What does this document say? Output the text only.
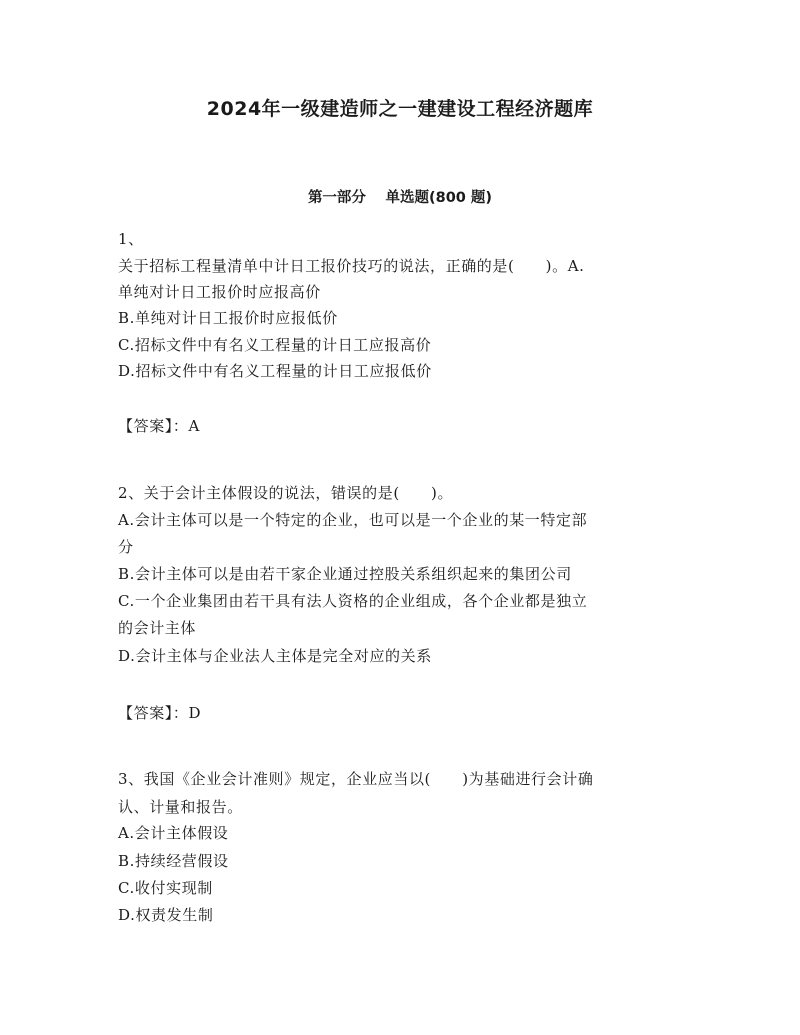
2024年一级建造师之一建建设工程经济题库
第一部分　 单选题(800 题)
1、
关于招标工程量清单中计日工报价技巧的说法，正确的是(　　)。A.
单纯对计日工报价时应报高价
B.单纯对计日工报价时应报低价
C.招标文件中有名义工程量的计日工应报高价
D.招标文件中有名义工程量的计日工应报低价
【答案】：A
2、关于会计主体假设的说法，错误的是(　　)。
A.会计主体可以是一个特定的企业，也可以是一个企业的某一特定部
分
B.会计主体可以是由若干家企业通过控股关系组织起来的集团公司
C.一个企业集团由若干具有法人资格的企业组成，各个企业都是独立
的会计主体
D.会计主体与企业法人主体是完全对应的关系
【答案】：D
3、我国《企业会计准则》规定，企业应当以(　　)为基础进行会计确
认、计量和报告。
A.会计主体假设
B.持续经营假设
C.收付实现制
D.权责发生制
